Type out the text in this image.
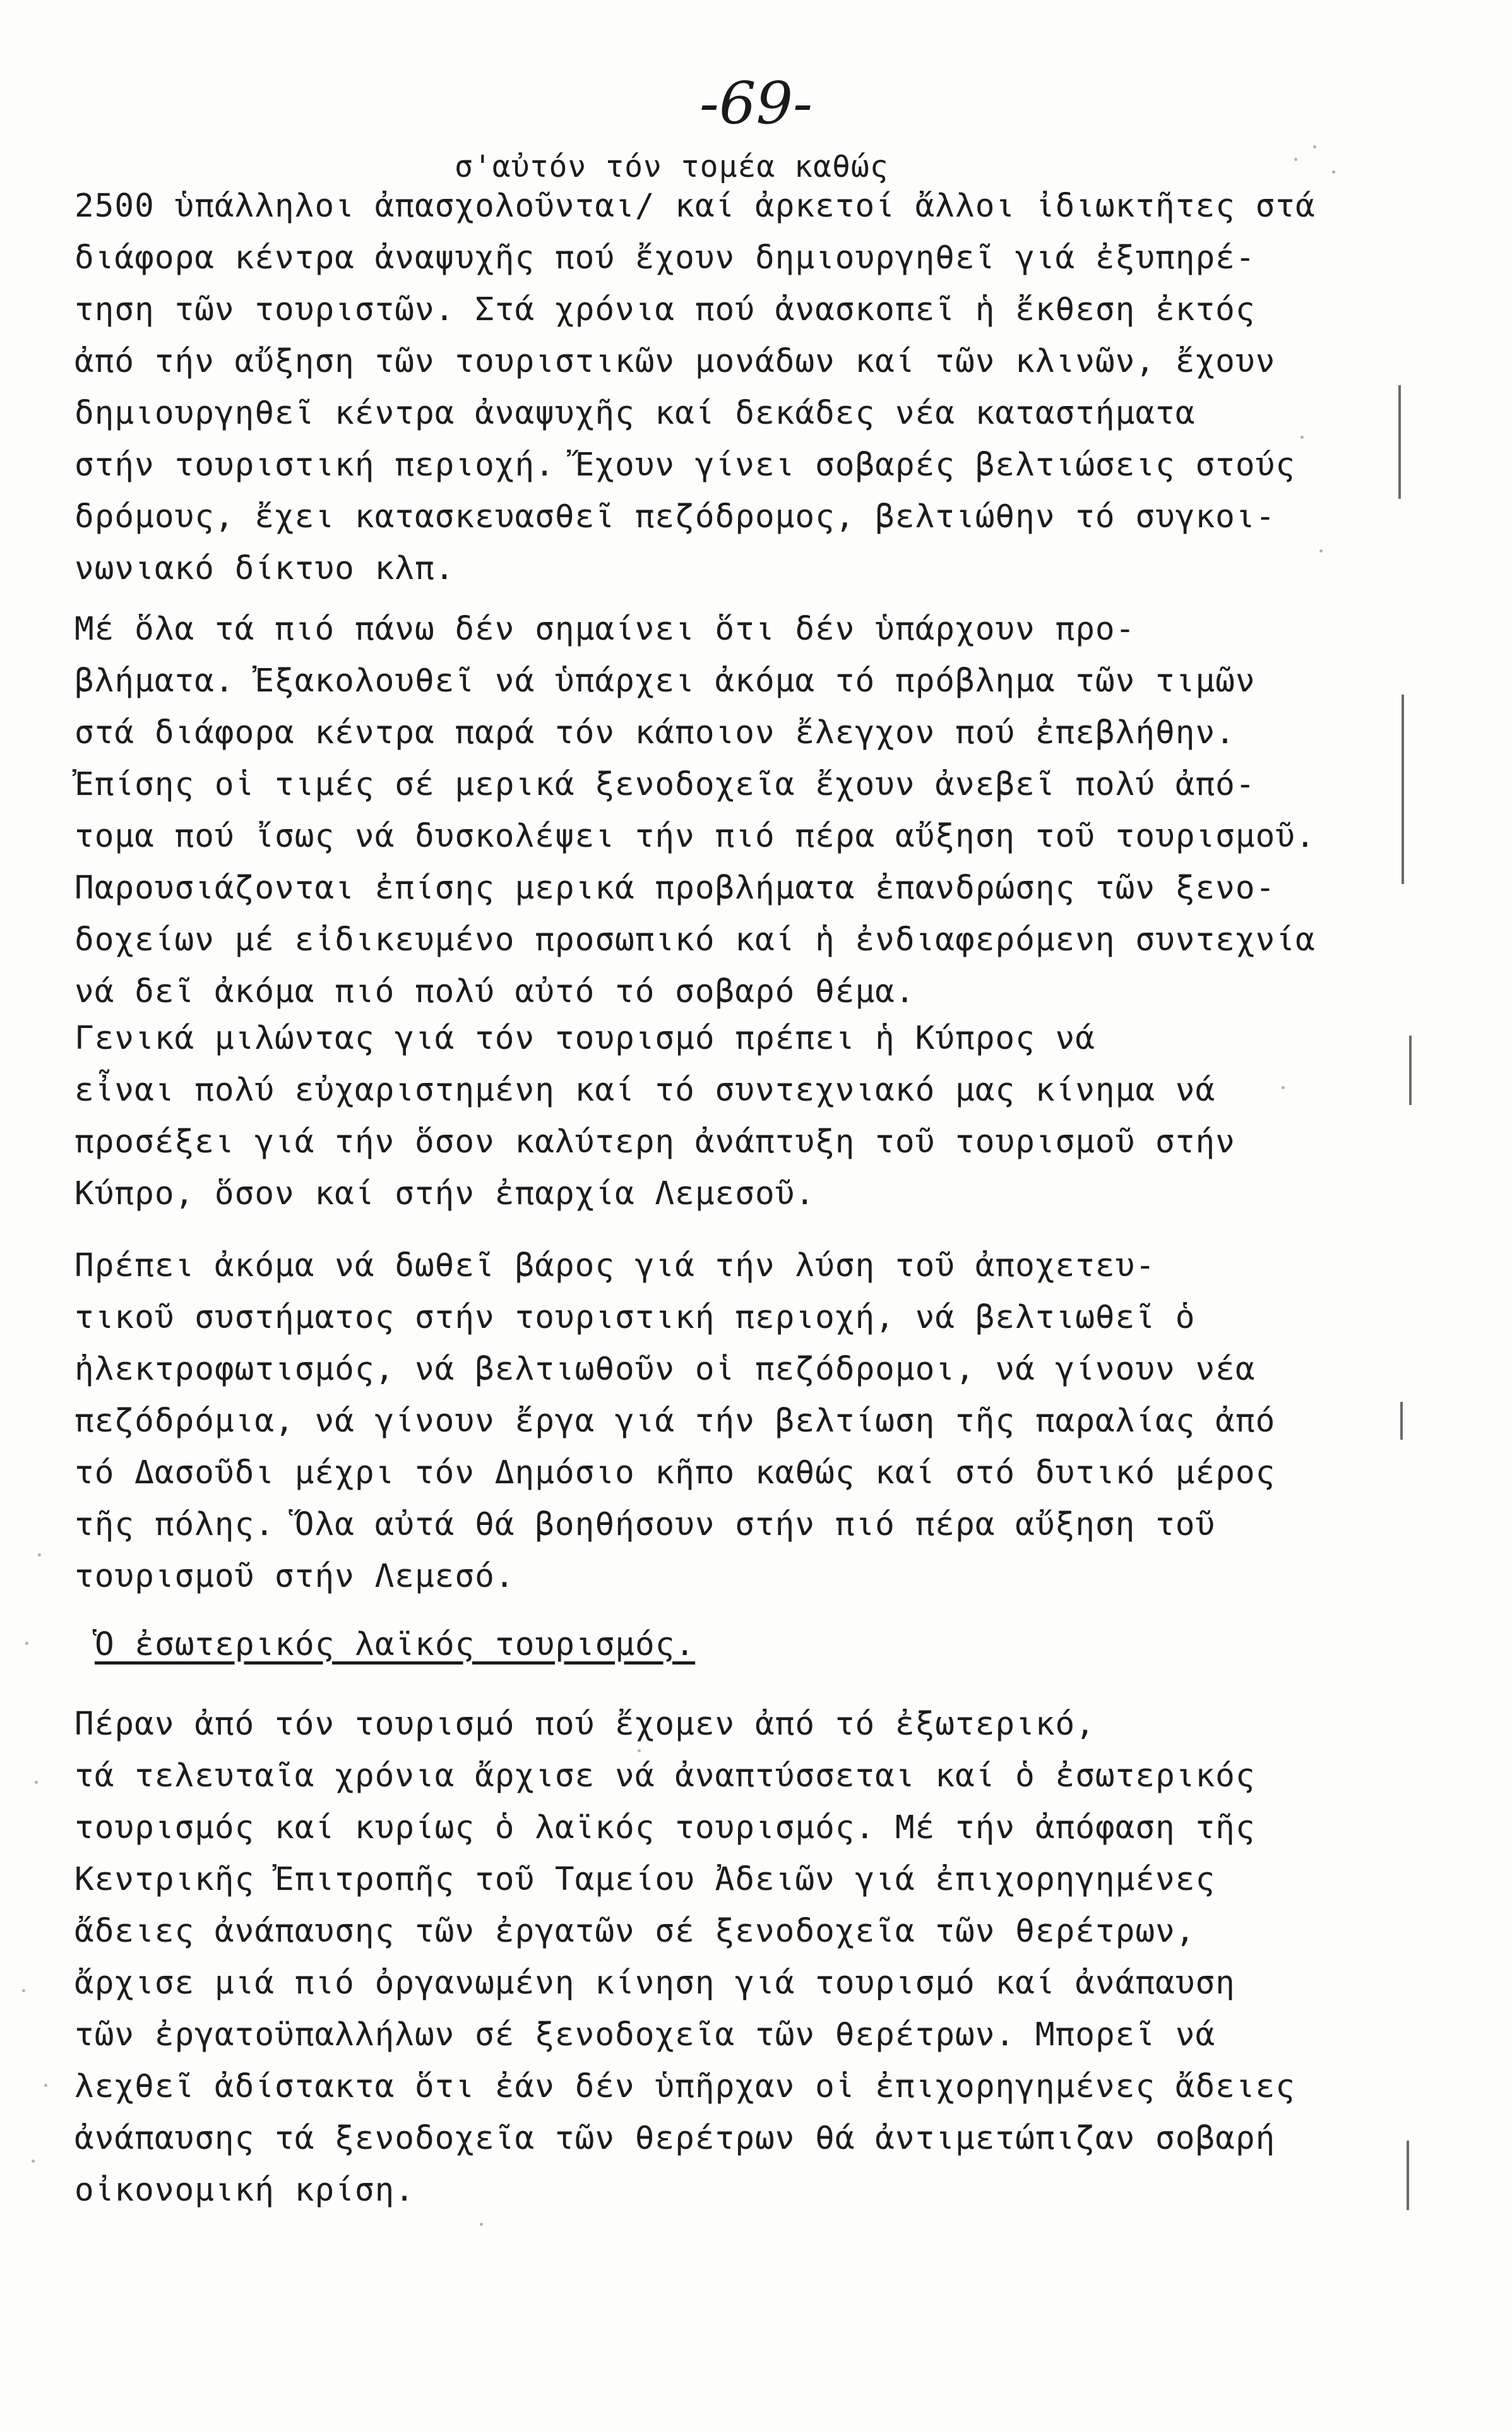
-69-
σ'αὐτόν τόν τομέα καθώς
2500 ὑπάλληλοι ἀπασχολοῦνται/ καί ἀρκετοί ἄλλοι ἰδιωκτῆτες στά
διάφορα κέντρα ἀναψυχῆς πού ἔχουν δημιουργηθεῖ γιά ἐξυπηρέ-
τηση τῶν τουριστῶν. Στά χρόνια πού ἀνασκοπεῖ ἡ ἔκθεση ἐκτός
ἀπό τήν αὔξηση τῶν τουριστικῶν μονάδων καί τῶν κλινῶν, ἔχουν
δημιουργηθεῖ κέντρα ἀναψυχῆς καί δεκάδες νέα καταστήματα
στήν τουριστική περιοχή. Ἔχουν γίνει σοβαρές βελτιώσεις στούς
δρόμους, ἔχει κατασκευασθεῖ πεζόδρομος, βελτιώθην τό συγκοι-
νωνιακό δίκτυο κλπ.
Μέ ὅλα τά πιό πάνω δέν σημαίνει ὅτι δέν ὑπάρχουν προ-
βλήματα. Ἐξακολουθεῖ νά ὑπάρχει ἀκόμα τό πρόβλημα τῶν τιμῶν
στά διάφορα κέντρα παρά τόν κάποιον ἔλεγχον πού ἐπεβλήθην.
Ἐπίσης οἱ τιμές σέ μερικά ξενοδοχεῖα ἔχουν ἀνεβεῖ πολύ ἀπό-
τομα πού ἴσως νά δυσκολέψει τήν πιό πέρα αὔξηση τοῦ τουρισμοῦ.
Παρουσιάζονται ἐπίσης μερικά προβλήματα ἐπανδρώσης τῶν ξενο-
δοχείων μέ εἰδικευμένο προσωπικό καί ἡ ἐνδιαφερόμενη συντεχνία
νά δεῖ ἀκόμα πιό πολύ αὐτό τό σοβαρό θέμα.
Γενικά μιλώντας γιά τόν τουρισμό πρέπει ἡ Κύπρος νά
εἶναι πολύ εὐχαριστημένη καί τό συντεχνιακό μας κίνημα νά
προσέξει γιά τήν ὅσον καλύτερη ἀνάπτυξη τοῦ τουρισμοῦ στήν
Κύπρο, ὅσον καί στήν ἐπαρχία Λεμεσοῦ.
Πρέπει ἀκόμα νά δωθεῖ βάρος γιά τήν λύση τοῦ ἀποχετευ-
τικοῦ συστήματος στήν τουριστική περιοχή, νά βελτιωθεῖ ὁ
ἠλεκτροφωτισμός, νά βελτιωθοῦν οἱ πεζόδρομοι, νά γίνουν νέα
πεζόδρόμια, νά γίνουν ἔργα γιά τήν βελτίωση τῆς παραλίας ἀπό
τό Δασοῦδι μέχρι τόν Δημόσιο κῆπο καθώς καί στό δυτικό μέρος
τῆς πόλης. Ὅλα αὐτά θά βοηθήσουν στήν πιό πέρα αὔξηση τοῦ
τουρισμοῦ στήν Λεμεσό.
Ὁ ἐσωτερικός λαϊκός τουρισμός.
Πέραν ἀπό τόν τουρισμό πού ἔχομεν ἀπό τό ἐξωτερικό,
τά τελευταῖα χρόνια ἄρχισε νά ἀναπτύσσεται καί ὁ ἐσωτερικός
τουρισμός καί κυρίως ὁ λαϊκός τουρισμός. Μέ τήν ἀπόφαση τῆς
Κεντρικῆς Ἐπιτροπῆς τοῦ Ταμείου Ἀδειῶν γιά ἐπιχορηγημένες
ἄδειες ἀνάπαυσης τῶν ἐργατῶν σέ ξενοδοχεῖα τῶν θερέτρων,
ἄρχισε μιά πιό ὀργανωμένη κίνηση γιά τουρισμό καί ἀνάπαυση
τῶν ἐργατοϋπαλλήλων σέ ξενοδοχεῖα τῶν θερέτρων. Μπορεῖ νά
λεχθεῖ ἀδίστακτα ὅτι ἐάν δέν ὑπῆρχαν οἱ ἐπιχορηγημένες ἄδειες
ἀνάπαυσης τά ξενοδοχεῖα τῶν θερέτρων θά ἀντιμετώπιζαν σοβαρή
οἰκονομική κρίση.
